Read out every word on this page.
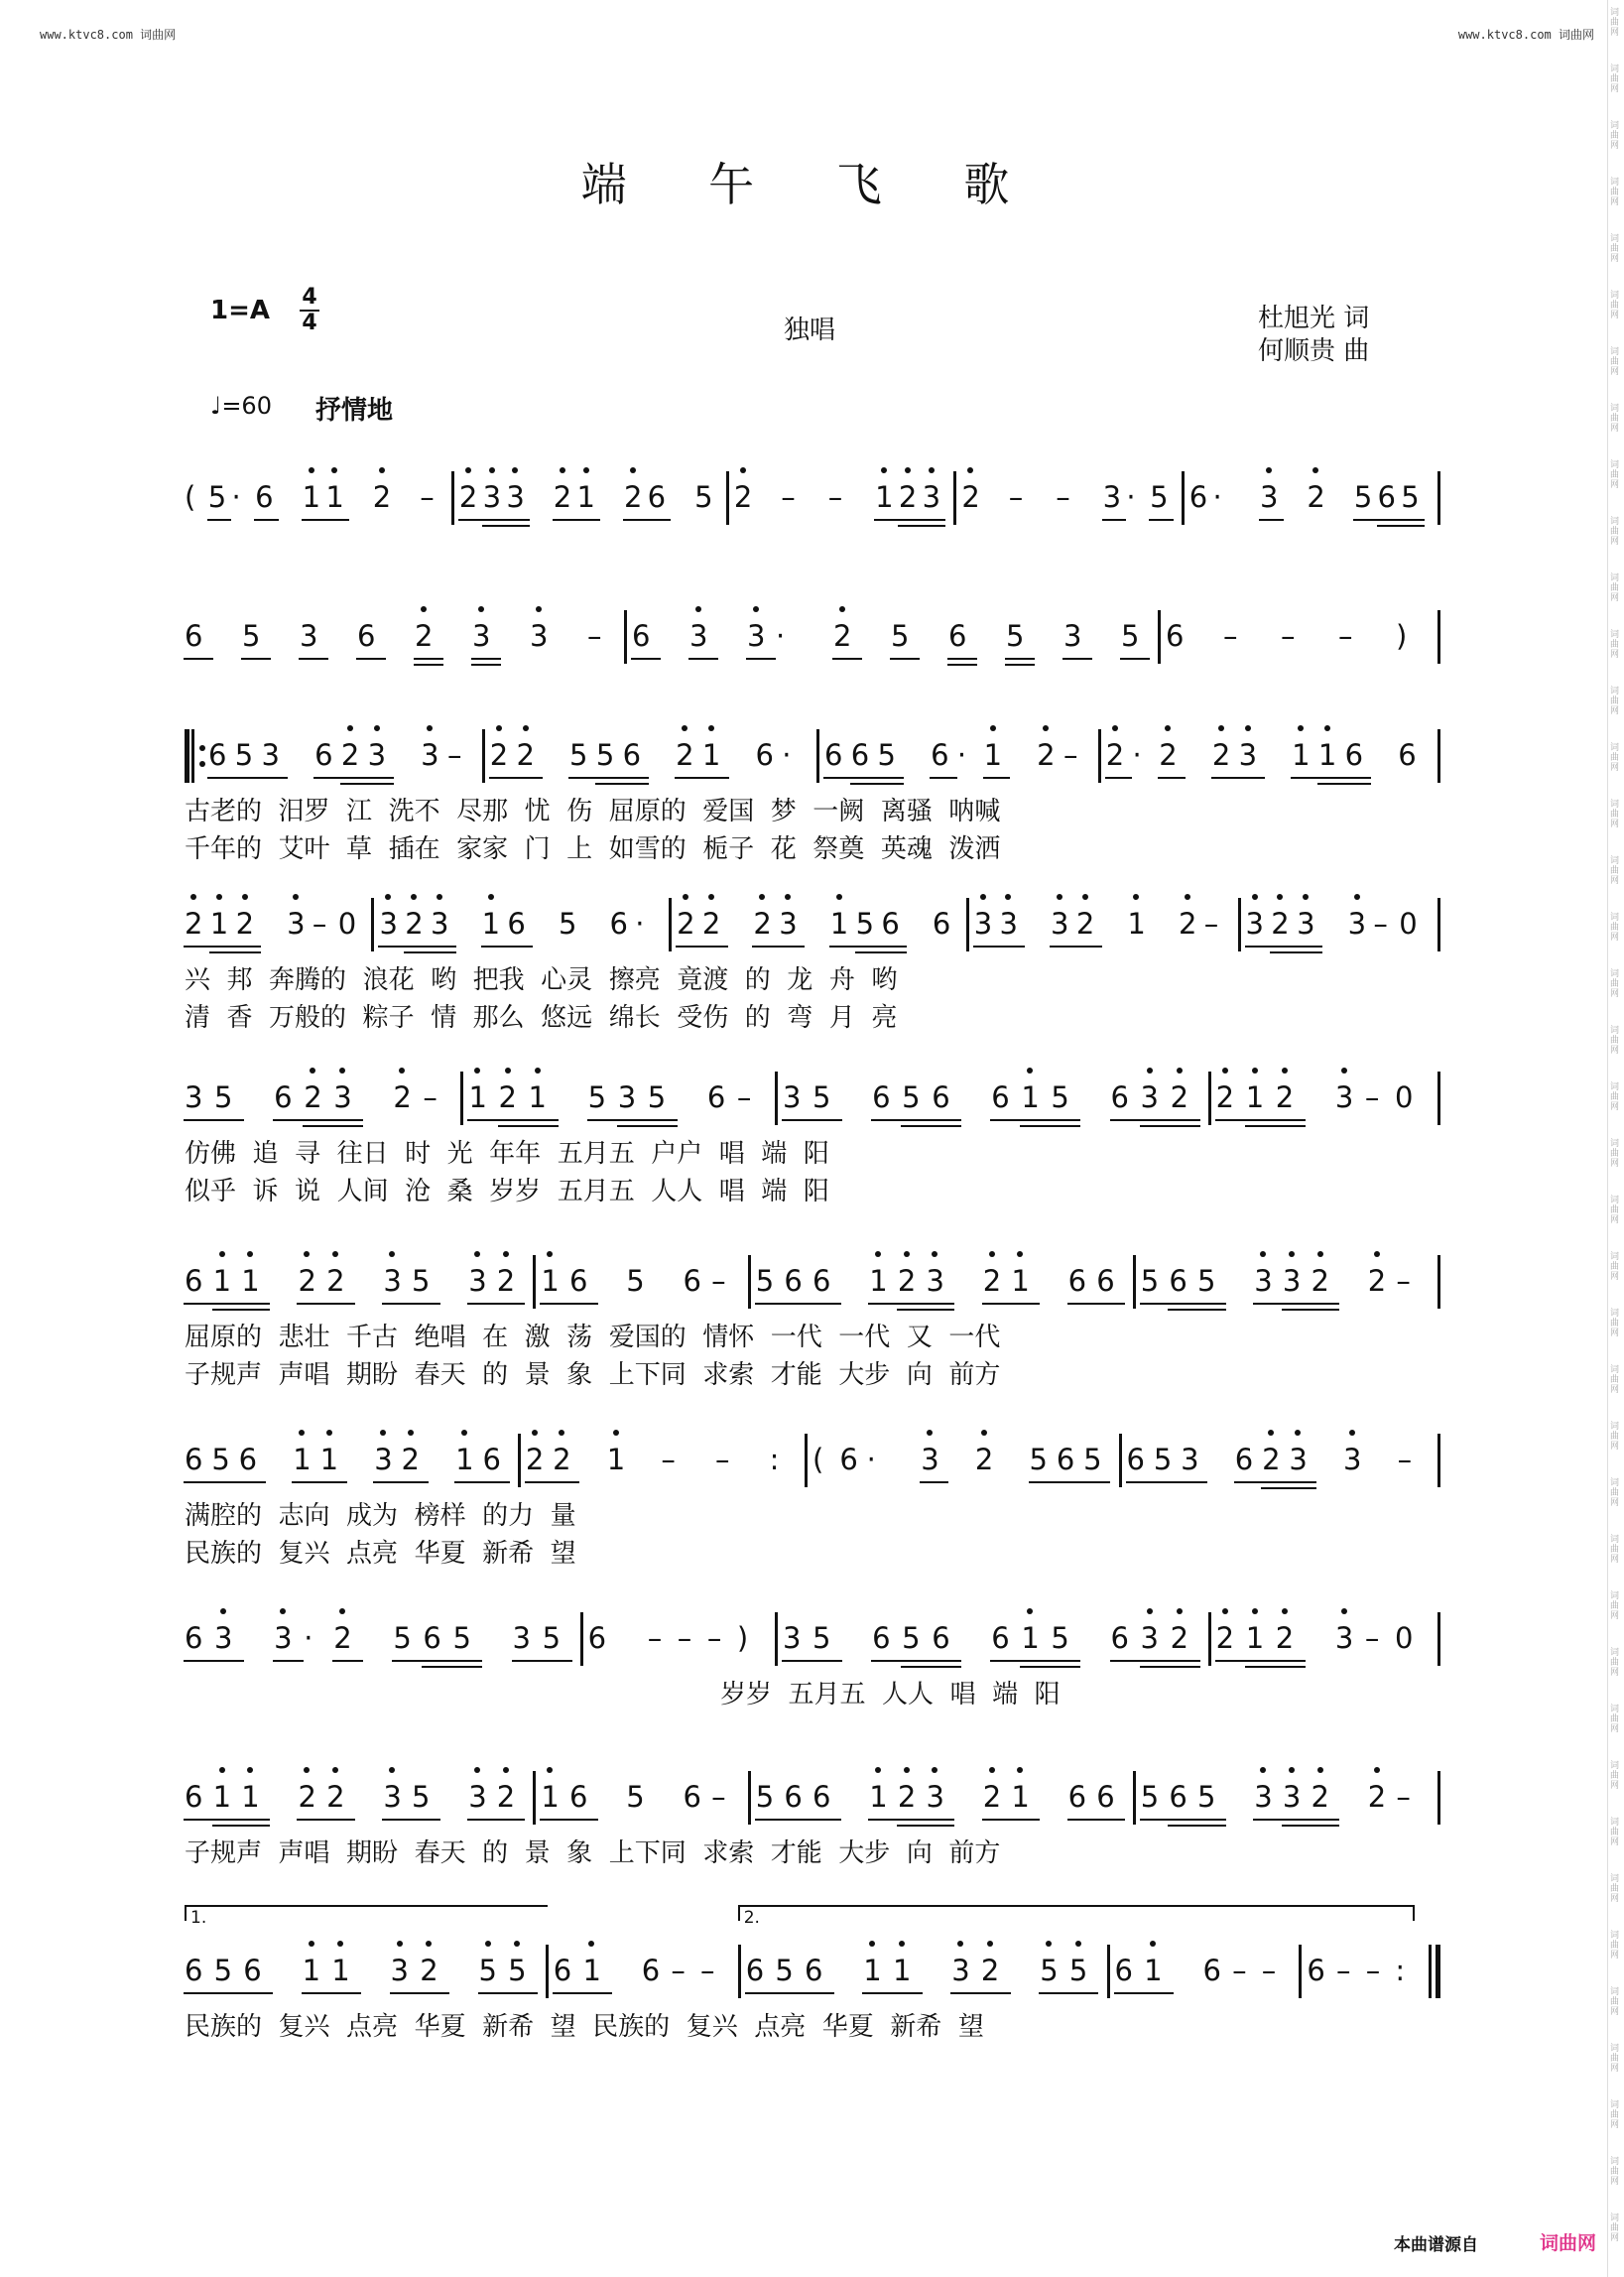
词曲网
词曲网
词曲网
词曲网
词曲网
词曲网
词曲网
词曲网
词曲网
词曲网
词曲网
词曲网
词曲网
词曲网
词曲网
词曲网
词曲网
词曲网
词曲网
词曲网
词曲网
词曲网
词曲网
词曲网
词曲网
词曲网
词曲网
词曲网
词曲网
词曲网
词曲网
词曲网
词曲网
词曲网
词曲网
词曲网
词曲网
词曲网
词曲网
词曲网
www.ktvc8.com 词曲网	www.ktvc8.com 词曲网
端 午 飞 歌
1=A 4
4	独唱	杜旭光 词
何顺贵 曲
♩=60 抒情地
( 5 · 6
1 1
2
– 2 3 3
2 1
2 6
5 2
–
–
1 2 3 2
–
–
3 · 5 6 ·
3
2
5 6 5
6
5
3
6
2
3
3
– 6
3
3 ·
2
5
6
5
3
5 6
–
–
–
)
6 5 3
6 2 3
3 – 2 2
5 5 6
2 1
6 · 6 6 5
6 · 1
2 – 2 · 2
2 3
1 1 6
6
古老的  汨罗  江  洗不  尽那  忧  伤  屈原的  爱国  梦  一阙  离骚  呐喊
千年的  艾叶  草  插在  家家  门  上  如雪的  栀子  花  祭奠  英魂  泼洒
2 1 2
3 – 0 3 2 3
1 6
5
6 · 2 2
2 3
1 5 6
6 3 3
3 2
1
2 – 3 2 3
3 – 0
兴  邦  奔腾的  浪花  哟  把我  心灵  擦亮  竟渡  的  龙  舟  哟
清  香  万般的  粽子  情  那么  悠远  绵长  受伤  的  弯  月  亮
3 5
6 2 3
2 – 1 2 1
5 3 5
6 – 3 5
6 5 6
6 1 5
6 3 2 2 1 2
3 – 0
仿佛  追  寻  往日  时  光  年年  五月五  户户  唱  端  阳
似乎  诉  说  人间  沧  桑  岁岁  五月五  人人  唱  端  阳
6 1 1
2 2
3 5
3 2 1 6
5
6 – 5 6 6
1 2 3
2 1
6 6 5 6 5
3 3 2
2 –
屈原的  悲壮  千古  绝唱  在  激  荡  爱国的  情怀  一代  一代  又  一代
子规声  声唱  期盼  春天  的  景  象  上下同  求索  才能  大步  向  前方
6 5 6
1 1
3 2
1 6 2 2
1
–
–
: ( 6 ·
3
2
5 6 5 6 5 3
6 2 3
3
–
满腔的  志向  成为  榜样  的力  量
民族的  复兴  点亮  华夏  新希  望
6 3
3 · 2
5 6 5
3 5 6
– – – ) 3 5
6 5 6
6 1 5
6 3 2 2 1 2
3 – 0
岁岁  五月五  人人  唱  端  阳
6 1 1
2 2
3 5
3 2 1 6
5
6 – 5 6 6
1 2 3
2 1
6 6 5 6 5
3 3 2
2 –
子规声  声唱  期盼  春天  的  景  象  上下同  求索  才能  大步  向  前方
6 5 6
1 1
3 2
5 5
1.
6 1
6 – – 6 5 6
1 1
3 2
5 5
2.
6 1
6 – – 6 – – :
民族的  复兴  点亮  华夏  新希  望  民族的  复兴  点亮  华夏  新希  望
本曲谱源自	词曲网
